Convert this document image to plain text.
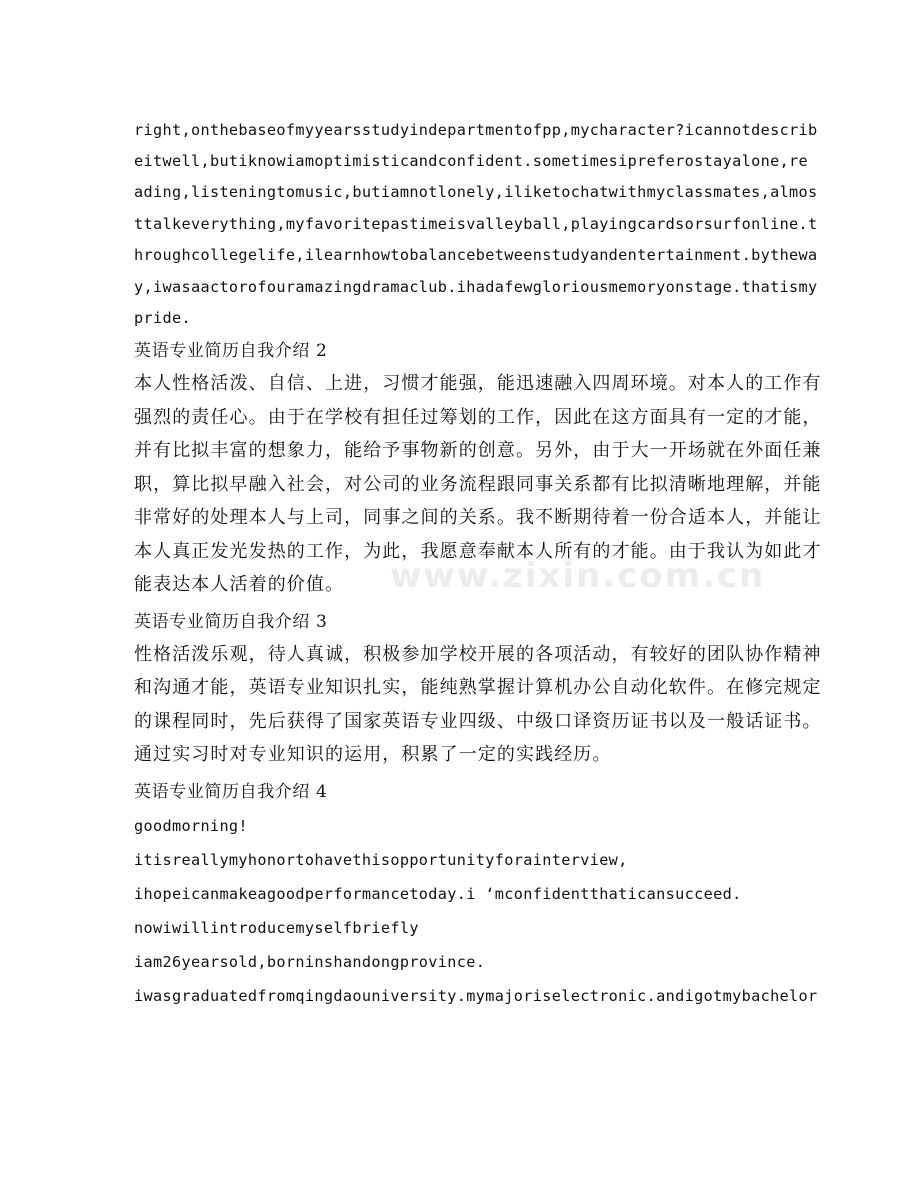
right,onthebaseofmyyearsstudyindepartmentofpp,mycharacter?icannotdescrib
eitwell,butiknowiamoptimisticandconfident.sometimesipreferostayalone,re
ading,listeningtomusic,butiamnotlonely,iliketochatwithmyclassmates,almos
ttalkeverything,myfavoritepastimeisvalleyball,playingcardsorsurfonline.t
hroughcollegelife,ilearnhowtobalancebetweenstudyandentertainment.bythewa
y,iwasaactorofouramazingdramaclub.ihadafewgloriousmemoryonstage.thatismy
pride.
英语专业简历自我介绍 2
本人性格活泼、自信、上进，习惯才能强，能迅速融入四周环境。对本人的工作有
强烈的责任心。由于在学校有担任过筹划的工作，因此在这方面具有一定的才能，
并有比拟丰富的想象力，能给予事物新的创意。另外，由于大一开场就在外面任兼
职，算比拟早融入社会，对公司的业务流程跟同事关系都有比拟清晰地理解，并能
非常好的处理本人与上司，同事之间的关系。我不断期待着一份合适本人，并能让
本人真正发光发热的工作，为此，我愿意奉献本人所有的才能。由于我认为如此才
能表达本人活着的价值。
英语专业简历自我介绍 3
性格活泼乐观，待人真诚，积极参加学校开展的各项活动，有较好的团队协作精神
和沟通才能，英语专业知识扎实，能纯熟掌握计算机办公自动化软件。在修完规定
的课程同时，先后获得了国家英语专业四级、中级口译资历证书以及一般话证书。
通过实习时对专业知识的运用，积累了一定的实践经历。
英语专业简历自我介绍 4
goodmorning!
itisreallymyhonortohavethisopportunityforainterview,
ihopeicanmakeagoodperformancetoday.i ‘mconfidentthaticansucceed.
nowiwillintroducemyselfbriefly
iam26yearsold,borninshandongprovince.
iwasgraduatedfromqingdaouniversity.mymajoriselectronic.andigotmybachelor
www.zixin.com.cn
